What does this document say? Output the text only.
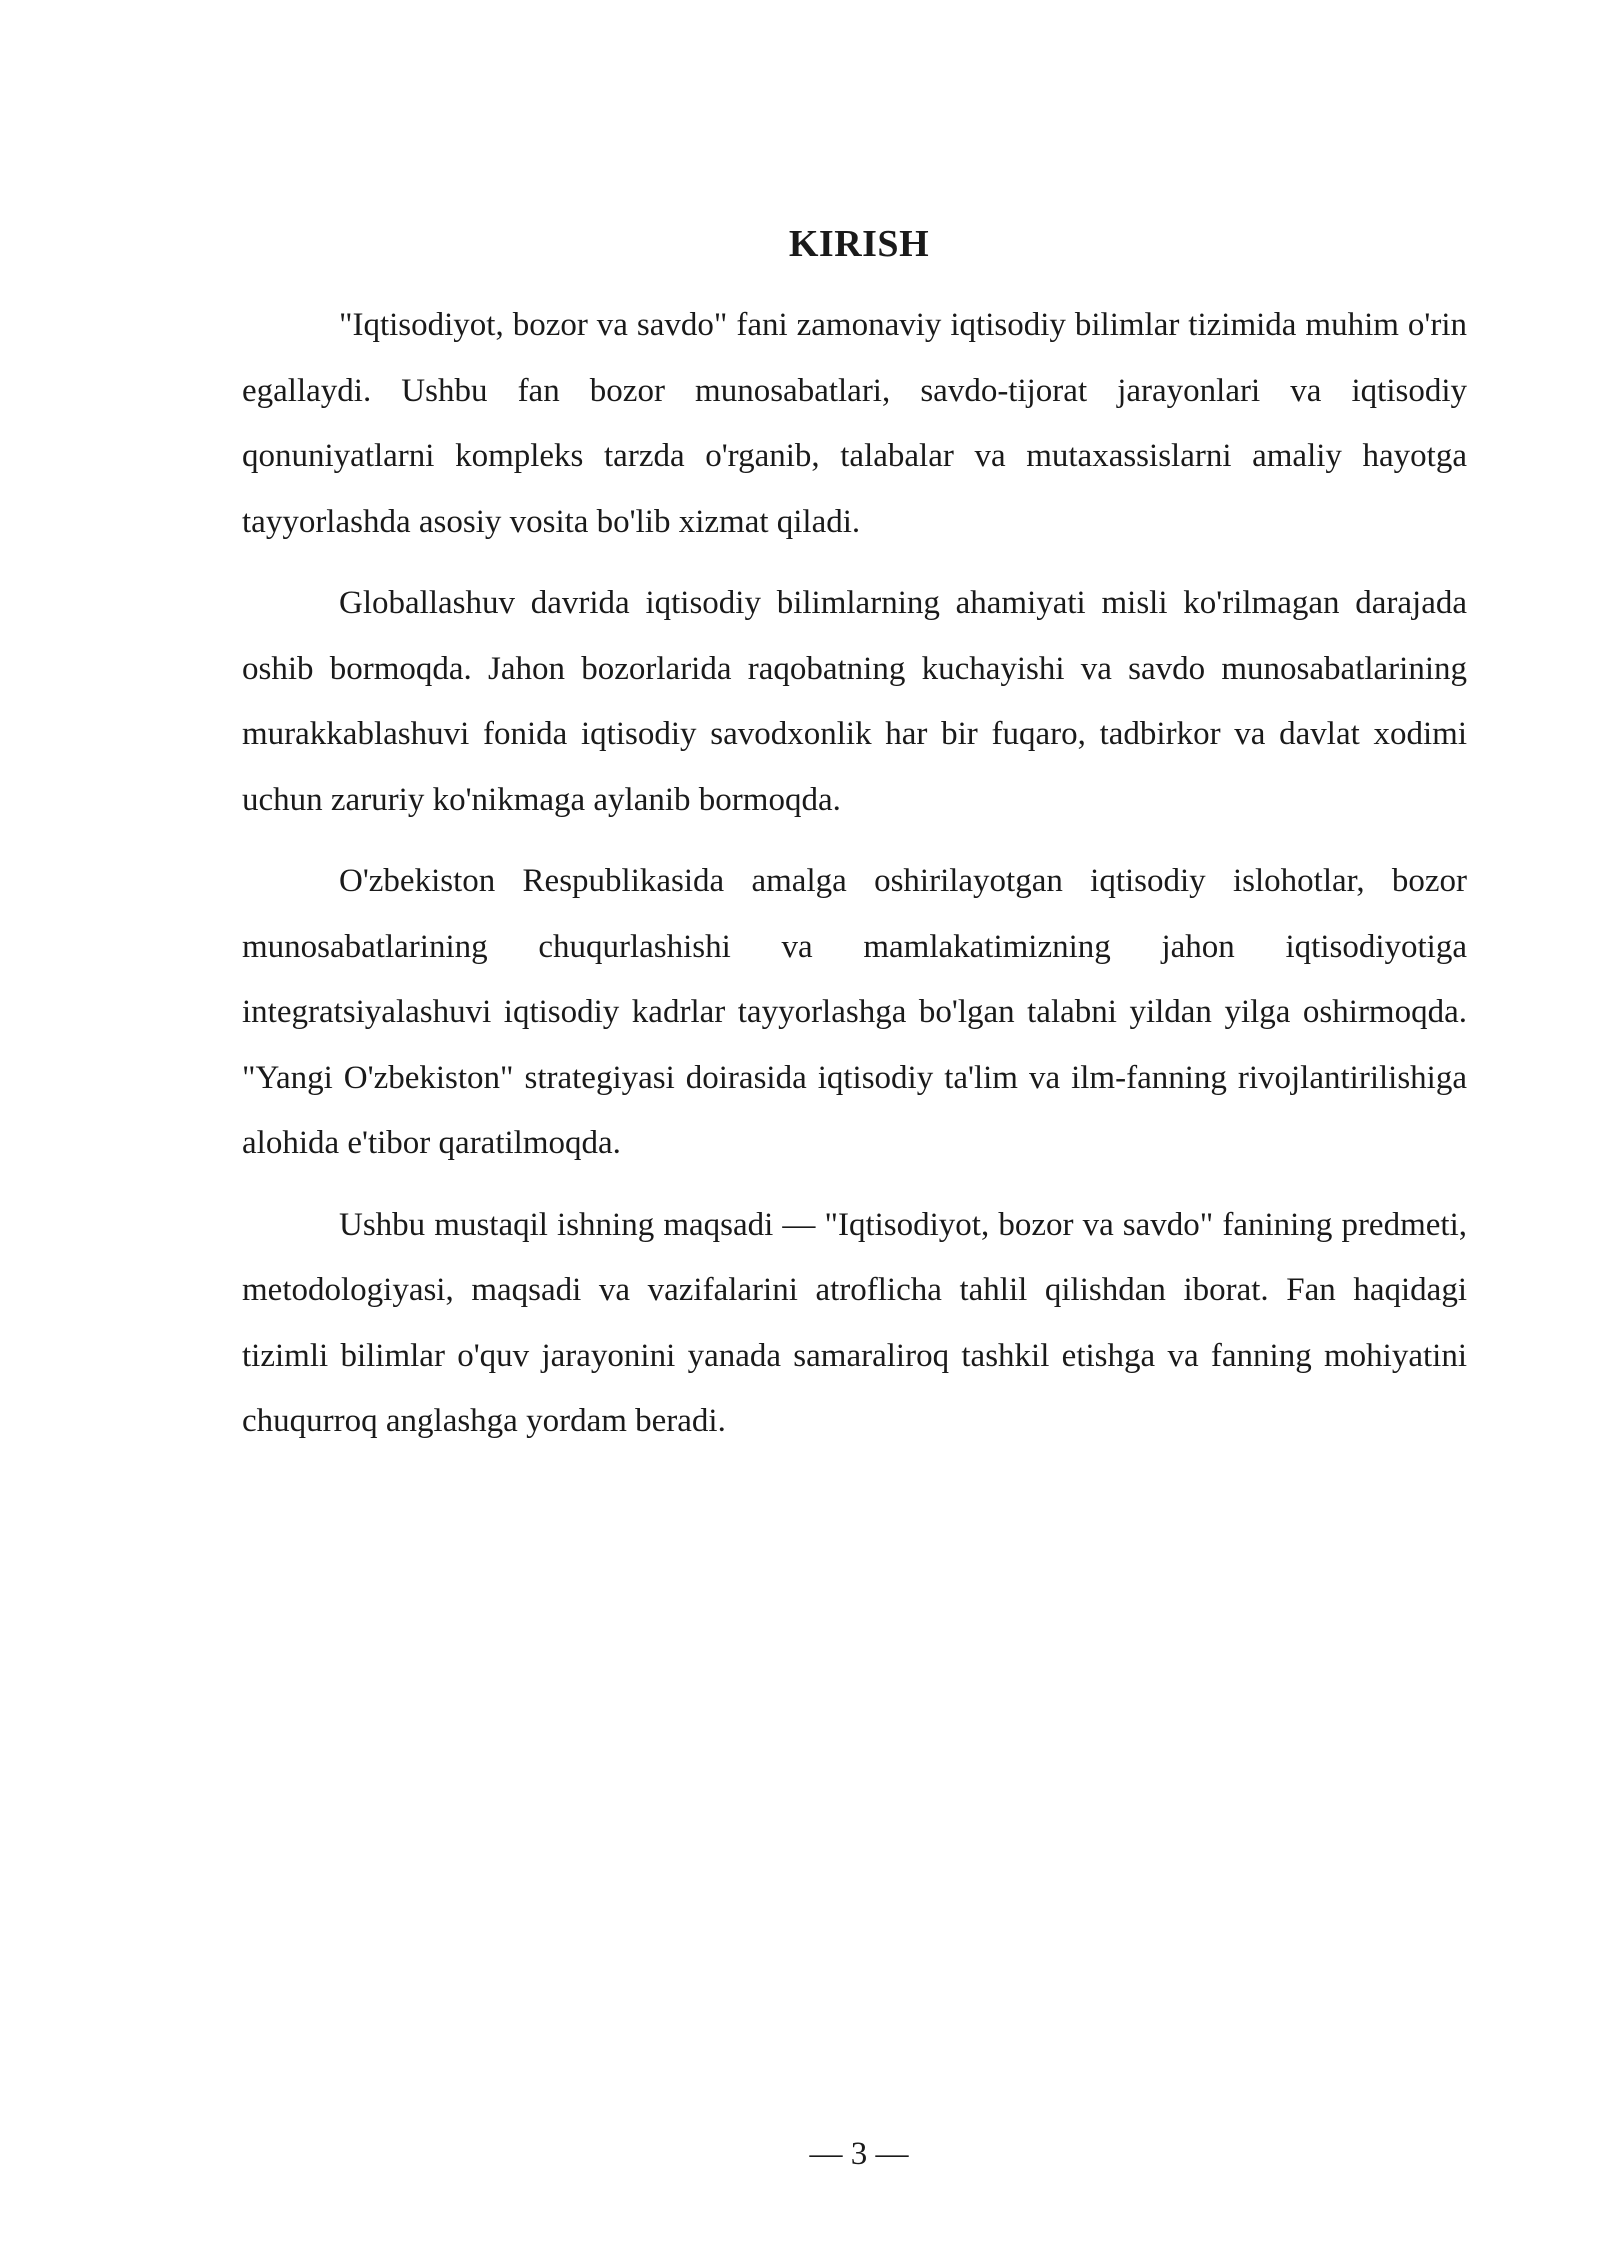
KIRISH

"Iqtisodiyot, bozor va savdo" fani zamonaviy iqtisodiy bilimlar tizimida muhim o'rin egallaydi. Ushbu fan bozor munosabatlari, savdo-tijorat jarayonlari va iqtisodiy qonuniyatlarni kompleks tarzda o'rganib, talabalar va mutaxassislarni amaliy hayotga tayyorlashda asosiy vosita bo'lib xizmat qiladi.

Globallashuv davrida iqtisodiy bilimlarning ahamiyati misli ko'rilmagan darajada oshib bormoqda. Jahon bozorlarida raqobatning kuchayishi va savdo munosabatlarining murakkablashuvi fonida iqtisodiy savodxonlik har bir fuqaro, tadbirkor va davlat xodimi uchun zaruriy ko'nikmaga aylanib bormoqda.

O'zbekiston Respublikasida amalga oshirilayotgan iqtisodiy islohotlar, bozor munosabatlarining chuqurlashishi va mamlakatimizning jahon iqtisodiyotiga integratsiyalashuvi iqtisodiy kadrlar tayyorlashga bo'lgan talabni yildan yilga oshirmoqda. "Yangi O'zbekiston" strategiyasi doirasida iqtisodiy ta'lim va ilm-fanning rivojlantirilishiga alohida e'tibor qaratilmoqda.

Ushbu mustaqil ishning maqsadi — "Iqtisodiyot, bozor va savdo" fanining predmeti, metodologiyasi, maqsadi va vazifalarini atroflicha tahlil qilishdan iborat. Fan haqidagi tizimli bilimlar o'quv jarayonini yanada samaraliroq tashkil etishga va fanning mohiyatini chuqurroq anglashga yordam beradi.

— 3 —
